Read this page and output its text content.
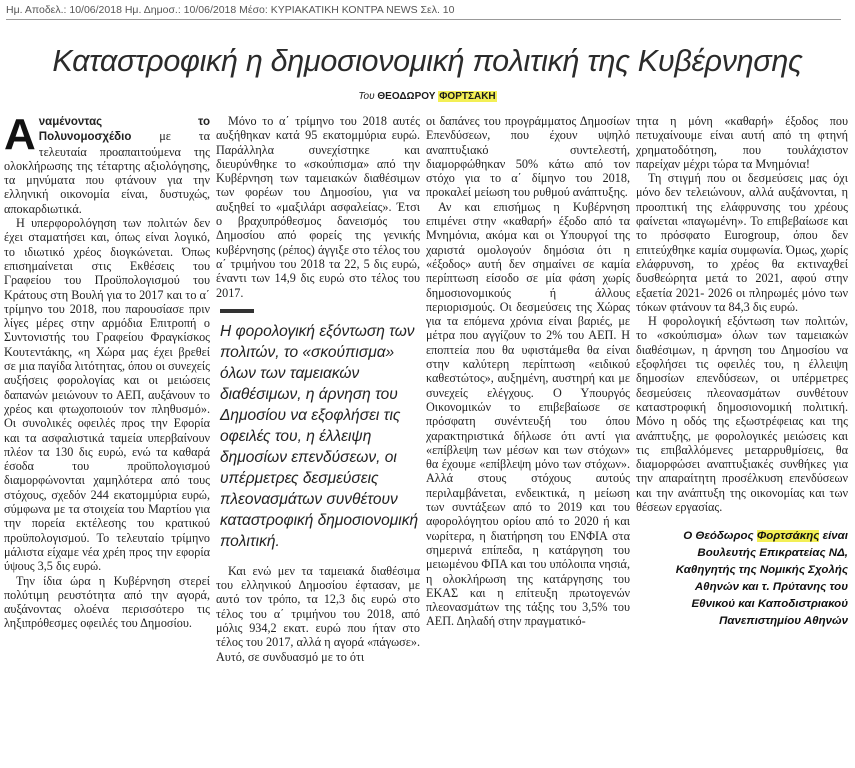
Ημ. Αποδελ.: 10/06/2018 Ημ. Δημοσ.: 10/06/2018 Μέσο: ΚΥΡΙΑΚΑΤΙΚΗ ΚΟΝΤΡΑ NEWS Σελ. 10
Καταστροφική η δημοσιονομική πολιτική της Κυβέρνησης
Του ΘΕΟΔΩΡΟΥ ΦΟΡΤΣΑΚΗ

Αναμένοντας το Πολυνομοσχέδιο με τα τελευταία προαπαιτούμενα της ολοκλήρωσης της τέταρτης αξιολόγησης, τα μηνύματα που φτάνουν για την ελληνική οικονομία είναι, δυστυχώς, αποκαρδιωτικά.

Η υπερφορολόγηση των πολιτών δεν έχει σταματήσει και, όπως είναι λογικό, το ιδιωτικό χρέος διογκώνεται. Όπως επισημαίνεται στις Εκθέσεις του Γραφείου του Προϋπολογισμού του Κράτους στη Βουλή για το 2017 και το α΄ τρίμηνο του 2018, που παρουσίασε πριν λίγες μέρες στην αρμόδια Επιτροπή ο Συντονιστής του Γραφείου Φραγκίσκος Κουτεντάκης, «η Χώρα μας έχει βρεθεί σε μια παγίδα λιτότητας, όπου οι συνεχείς αυξήσεις φορολογίας και οι μειώσεις δαπανών μειώνουν το ΑΕΠ, αυξάνουν το χρέος και φτωχοποιούν τον πληθυσμό». Οι συνολικές οφειλές προς την Εφορία και τα ασφαλιστικά ταμεία υπερβαίνουν πλέον τα 130 δις ευρώ, ενώ τα καθαρά έσοδα του προϋπολογισμού διαμορφώνονται χαμηλότερα από τους στόχους, σχεδόν 244 εκατομμύρια ευρώ, σύμφωνα με τα στοιχεία του Μαρτίου για την πορεία εκτέλεσης του κρατικού προϋπολογισμού. Το τελευταίο τρίμηνο μάλιστα είχαμε νέα χρέη προς την εφορία ύψους 3,5 δις ευρώ.

Την ίδια ώρα η Κυβέρνηση στερεί πολύτιμη ρευστότητα από την αγορά, αυξάνοντας ολοένα περισσότερο τις ληξιπρόθεσμες οφειλές του Δημοσίου.

Μόνο το α΄ τρίμηνο του 2018 αυτές αυξήθηκαν κατά 95 εκατομμύρια ευρώ. Παράλληλα συνεχίστηκε και διευρύνθηκε το «σκούπισμα» από την Κυβέρνηση των ταμειακών διαθέσιμων των φορέων του Δημοσίου, για να αυξηθεί το «μαξιλάρι ασφαλείας». Έτσι ο βραχυπρόθεσμος δανεισμός του Δημοσίου από φορείς της γενικής κυβέρνησης (ρέπος) άγγιξε στο τέλος του α΄ τριμήνου του 2018 τα 22, 5 δις ευρώ, έναντι των 14,9 δις ευρώ στο τέλος του 2017.

Η φορολογική εξόντωση των πολιτών, το «σκούπισμα» όλων των ταμειακών διαθέσιμων, η άρνηση του Δημοσίου να εξοφλήσει τις οφειλές του, η έλλειψη δημοσίων επενδύσεων, οι υπέρμετρες δεσμεύσεις πλεονασμάτων συνθέτουν καταστροφική δημοσιονομική πολιτική.

Και ενώ μεν τα ταμειακά διαθέσιμα του ελληνικού Δημοσίου έφτασαν, με αυτό τον τρόπο, τα 12,3 δις ευρώ στο τέλος του α΄ τριμήνου του 2018, από μόλις 934,2 εκατ. ευρώ που ήταν στο τέλος του 2017, αλλά η αγορά «πάγωσε». Αυτό, σε συνδυασμό με το ότι

οι δαπάνες του προγράμματος Δημοσίων Επενδύσεων, που έχουν υψηλό αναπτυξιακό συντελεστή, διαμορφώθηκαν 50% κάτω από τον στόχο για το α΄ δίμηνο του 2018, προκαλεί μείωση του ρυθμού ανάπτυξης.

Αν και επισήμως η Κυβέρνηση επιμένει στην «καθαρή» έξοδο από τα Μνημόνια, ακόμα και οι Υπουργοί της χαριστά ομολογούν δημόσια ότι η «έξοδος» αυτή δεν σημαίνει σε καμία περίπτωση είσοδο σε μία φάση χωρίς δημοσιονομικούς ή άλλους περιορισμούς. Οι δεσμεύσεις της Χώρας για τα επόμενα χρόνια είναι βαριές, με μέτρα που αγγίζουν το 2% του ΑΕΠ. Η εποπτεία που θα υφιστάμεθα θα είναι στην καλύτερη περίπτωση «ειδικού καθεστώτος», αυξημένη, αυστηρή και με συνεχείς ελέγχους. Ο Υπουργός Οικονομικών το επιβεβαίωσε σε πρόσφατη συνέντευξή του όπου χαρακτηριστικά δήλωσε ότι αντί για «επίβλεψη των μέσων και των στόχων» θα έχουμε «επίβλεψη μόνο των στόχων». Αλλά στους στόχους αυτούς περιλαμβάνεται, ενδεικτικά, η μείωση των συντάξεων από το 2019 και του αφορολόγητου ορίου από το 2020 ή και νωρίτερα, η διατήρηση του ΕΝΦΙΑ στα σημερινά επίπεδα, η κατάργηση του μειωμένου ΦΠΑ και του υπόλοιπα νησιά, η ολοκλήρωση της κατάργησης του ΕΚΑΣ και η επίτευξη πρωτογενών πλεονασμάτων της τάξης του 3,5% του ΑΕΠ. Δηλαδή στην πραγματικό-

τητα η μόνη «καθαρή» έξοδος που πετυχαίνουμε είναι αυτή από τη φτηνή χρηματοδότηση, που τουλάχιστον παρείχαν μέχρι τώρα τα Μνημόνια!

Τη στιγμή που οι δεσμεύσεις μας όχι μόνο δεν τελειώνουν, αλλά αυξάνονται, η προοπτική της ελάφρυνσης του χρέους φαίνεται «παγωμένη». Το επιβεβαίωσε και το πρόσφατο Eurogroup, όπου δεν επιτεύχθηκε καμία συμφωνία. Όμως, χωρίς ελάφρυνση, το χρέος θα εκτιναχθεί δυσθεώρητα μετά το 2021, αφού στην εξαετία 2021- 2026 οι πληρωμές μόνο των τόκων φτάνουν τα 84,3 δις ευρώ.

Η φορολογική εξόντωση των πολιτών, το «σκούπισμα» όλων των ταμειακών διαθέσιμων, η άρνηση του Δημοσίου να εξοφλήσει τις οφειλές του, η έλλειψη δημοσίων επενδύσεων, οι υπέρμετρες δεσμεύσεις πλεονασμάτων συνθέτουν καταστροφική δημοσιονομική πολιτική. Μόνο η οδός της εξωστρέφειας και της ανάπτυξης, με φορολογικές μειώσεις και τις επιβαλλόμενες μεταρρυθμίσεις, θα διαμορφώσει αναπτυξιακές συνθήκες για την απαραίτητη προσέλκυση επενδύσεων και την ανάπτυξη της οικονομίας και των θέσεων εργασίας.

Ο Θεόδωρος Φορτσάκης είναι
Βουλευτής Επικρατείας ΝΔ,
Καθηγητής της Νομικής Σχολής
Αθηνών και τ. Πρύτανης του
Εθνικού και Καποδιστριακού
Πανεπιστημίου Αθηνών
